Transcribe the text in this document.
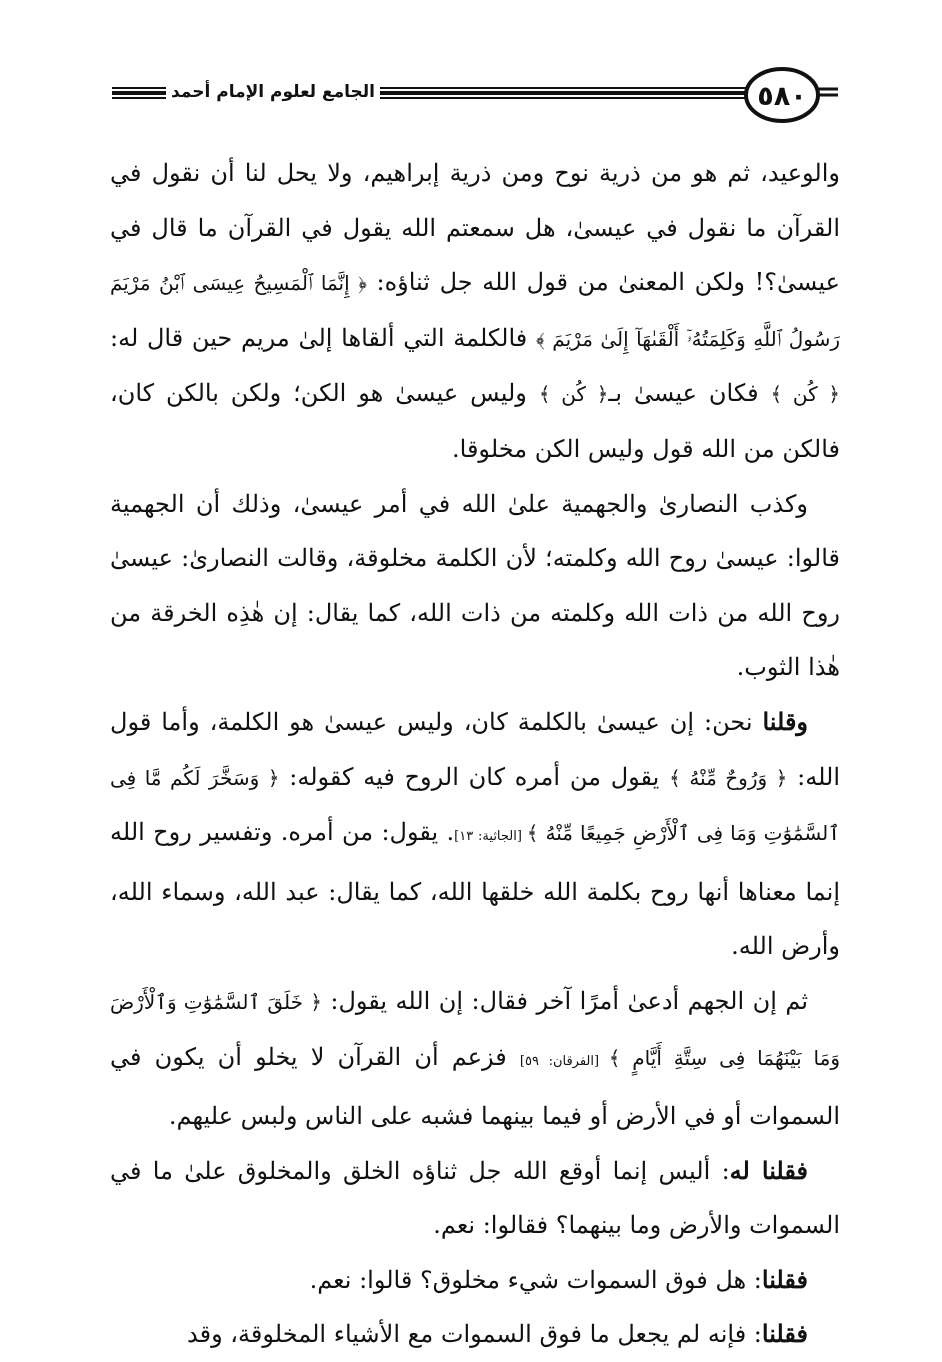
٥٨٠
الجامع لعلوم الإمام أحمد

والوعيد، ثم هو من ذرية نوح ومن ذرية إبراهيم، ولا يحل لنا أن نقول في القرآن ما نقول في عيسىٰ، هل سمعتم الله يقول في القرآن ما قال في عيسىٰ؟! ولكن المعنىٰ من قول الله جل ثناؤه: ﴿ إِنَّمَا ٱلْمَسِيحُ عِيسَى ٱبْنُ مَرْيَمَ رَسُولُ ٱللَّهِ وَكَلِمَتُهُۥٓ أَلْقَىٰهَآ إِلَىٰ مَرْيَمَ ﴾ فالكلمة التي ألقاها إلىٰ مريم حين قال له: ﴿ كُن ﴾ فكان عيسىٰ بـ﴿ كُن ﴾ وليس عيسىٰ هو الكن؛ ولكن بالكن كان، فالكن من الله قول وليس الكن مخلوقا.

وكذب النصارىٰ والجهمية علىٰ الله في أمر عيسىٰ، وذلك أن الجهمية قالوا: عيسىٰ روح الله وكلمته؛ لأن الكلمة مخلوقة، وقالت النصارىٰ: عيسىٰ روح الله من ذات الله وكلمته من ذات الله، كما يقال: إن هٰذِه الخرقة من هٰذا الثوب.

وقلنا نحن: إن عيسىٰ بالكلمة كان، وليس عيسىٰ هو الكلمة، وأما قول الله: ﴿ وَرُوحٌ مِّنْهُ ﴾ يقول من أمره كان الروح فيه كقوله: ﴿ وَسَخَّرَ لَكُم مَّا فِى ٱلسَّمَٰوَٰتِ وَمَا فِى ٱلْأَرْضِ جَمِيعًا مِّنْهُ ﴾ [الجاثية: ١٣]. يقول: من أمره. وتفسير روح الله إنما معناها أنها روح بكلمة الله خلقها الله، كما يقال: عبد الله، وسماء الله، وأرض الله.

ثم إن الجهم أدعىٰ أمرًا آخر فقال: إن الله يقول: ﴿ خَلَقَ ٱلسَّمَٰوَٰتِ وَٱلْأَرْضَ وَمَا بَيْنَهُمَا فِى سِتَّةِ أَيَّامٍ ﴾ [الفرقان: ٥٩] فزعم أن القرآن لا يخلو أن يكون في السموات أو في الأرض أو فيما بينهما فشبه على الناس ولبس عليهم.

فقلنا له: أليس إنما أوقع الله جل ثناؤه الخلق والمخلوق علىٰ ما في السموات والأرض وما بينهما؟ فقالوا: نعم.

فقلنا: هل فوق السموات شيء مخلوق؟ قالوا: نعم.

فقلنا: فإنه لم يجعل ما فوق السموات مع الأشياء المخلوقة، وقد
